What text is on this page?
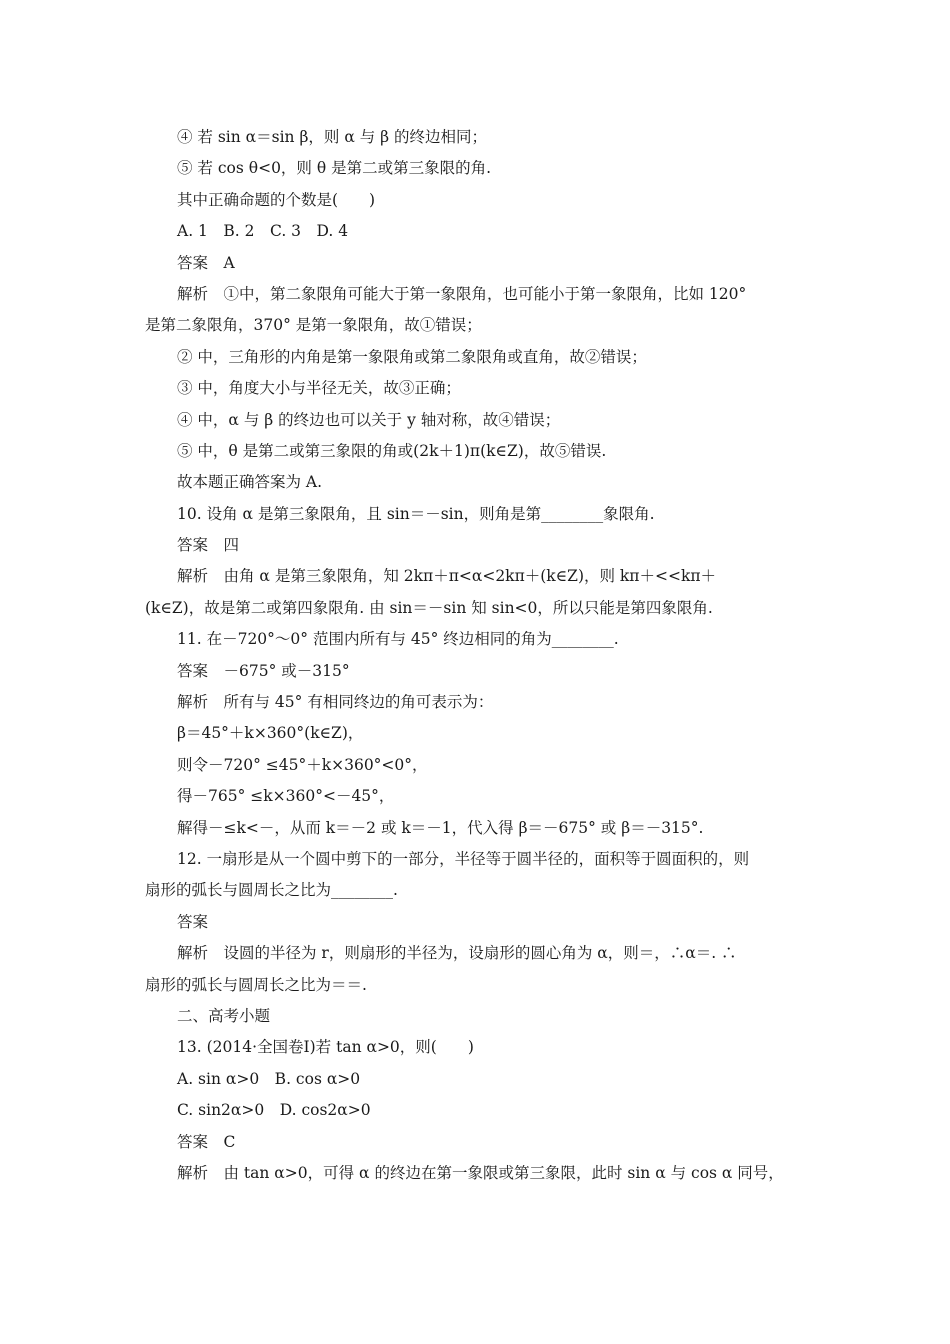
④ 若 sin α＝sin β，则 α 与 β 的终边相同；
⑤ 若 cos θ<0，则 θ 是第二或第三象限的角.
其中正确命题的个数是(　　)
A. 1　B. 2　C. 3　D. 4
答案　A
解析　①中，第二象限角可能大于第一象限角，也可能小于第一象限角，比如 120°
是第二象限角，370° 是第一象限角，故①错误；
② 中，三角形的内角是第一象限角或第二象限角或直角，故②错误；
③ 中，角度大小与半径无关，故③正确；
④ 中，α 与 β 的终边也可以关于 y 轴对称，故④错误；
⑤ 中，θ 是第二或第三象限的角或(2k＋1)π(k∈Z)，故⑤错误.
故本题正确答案为 A.
10. 设角 α 是第三象限角，且 sin＝－sin，则角是第________象限角.
答案　四
解析　由角 α 是第三象限角，知 2kπ＋π<α<2kπ＋(k∈Z)，则 kπ＋<<kπ＋
(k∈Z)，故是第二或第四象限角. 由 sin＝－sin 知 sin<0，所以只能是第四象限角.
11. 在－720°～0° 范围内所有与 45° 终边相同的角为________.
答案　－675° 或－315°
解析　所有与 45° 有相同终边的角可表示为：
β＝45°＋k×360°(k∈Z)，
则令－720° ≤45°＋k×360°<0°，
得－765° ≤k×360°<－45°，
解得－≤k<－，从而 k＝－2 或 k＝－1，代入得 β＝－675° 或 β＝－315°.
12. 一扇形是从一个圆中剪下的一部分，半径等于圆半径的，面积等于圆面积的，则
扇形的弧长与圆周长之比为________.
答案
解析　设圆的半径为 r，则扇形的半径为，设扇形的圆心角为 α，则＝，∴α＝. ∴
扇形的弧长与圆周长之比为＝＝.
二、高考小题
13. (2014·全国卷Ⅰ)若 tan α>0，则(　　)
A. sin α>0　B. cos α>0
C. sin2α>0　D. cos2α>0
答案　C
解析　由 tan α>0，可得 α 的终边在第一象限或第三象限，此时 sin α 与 cos α 同号，
